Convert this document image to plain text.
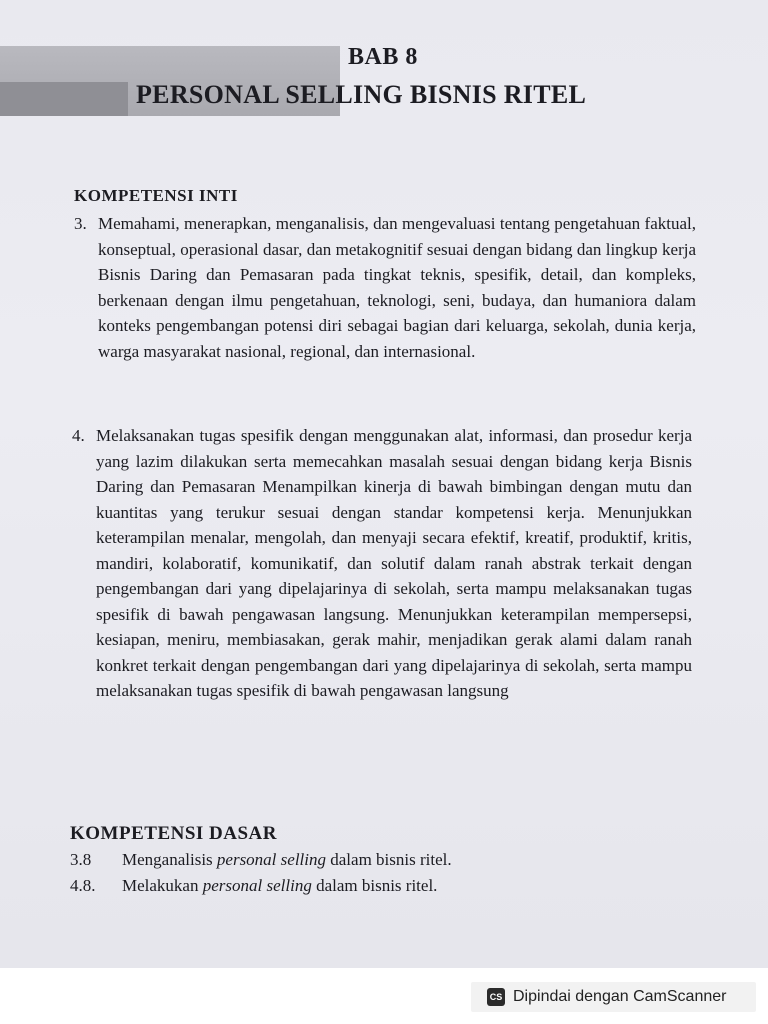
BAB 8
PERSONAL SELLING BISNIS RITEL
KOMPETENSI INTI
3. Memahami, menerapkan, menganalisis, dan mengevaluasi tentang pengetahuan faktual, konseptual, operasional dasar, dan metakognitif sesuai dengan bidang dan lingkup kerja Bisnis Daring dan Pemasaran pada tingkat teknis, spesifik, detail, dan kompleks, berkenaan dengan ilmu pengetahuan, teknologi, seni, budaya, dan humaniora dalam konteks pengembangan potensi diri sebagai bagian dari keluarga, sekolah, dunia kerja, warga masyarakat nasional, regional, dan internasional.
4. Melaksanakan tugas spesifik dengan menggunakan alat, informasi, dan prosedur kerja yang lazim dilakukan serta memecahkan masalah sesuai dengan bidang kerja Bisnis Daring dan Pemasaran Menampilkan kinerja di bawah bimbingan dengan mutu dan kuantitas yang terukur sesuai dengan standar kompetensi kerja. Menunjukkan keterampilan menalar, mengolah, dan menyaji secara efektif, kreatif, produktif, kritis, mandiri, kolaboratif, komunikatif, dan solutif dalam ranah abstrak terkait dengan pengembangan dari yang dipelajarinya di sekolah, serta mampu melaksanakan tugas spesifik di bawah pengawasan langsung. Menunjukkan keterampilan mempersepsi, kesiapan, meniru, membiasakan, gerak mahir, menjadikan gerak alami dalam ranah konkret terkait dengan pengembangan dari yang dipelajarinya di sekolah, serta mampu melaksanakan tugas spesifik di bawah pengawasan langsung
KOMPETENSI DASAR
3.8 Menganalisis personal selling dalam bisnis ritel.
4.8. Melakukan personal selling dalam bisnis ritel.
CS Dipindai dengan CamScanner
